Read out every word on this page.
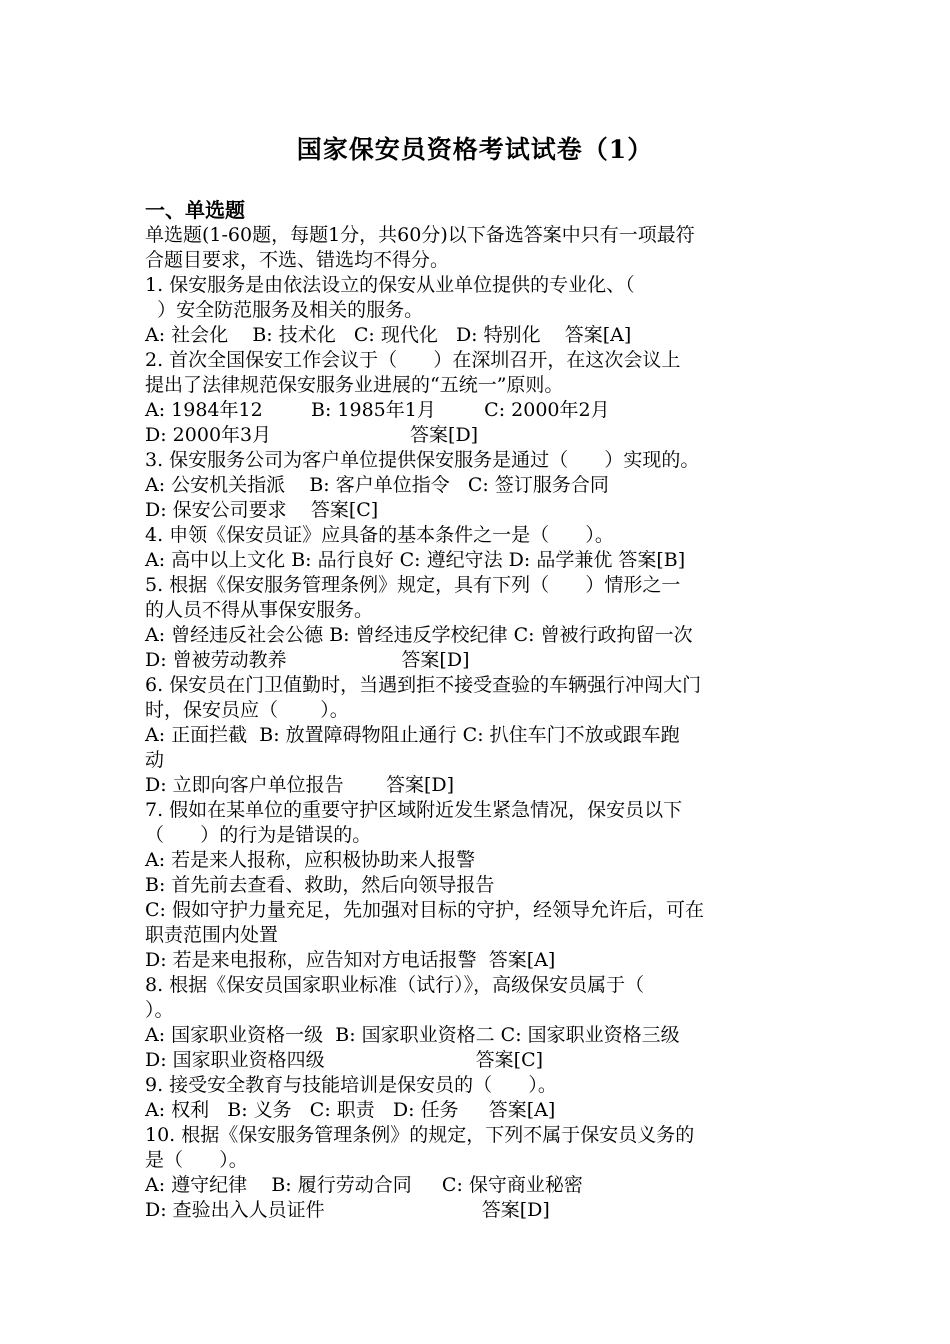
国家保安员资格考试试卷（1）
一、单选题
单选题(1-60题，每题1分，共60分)以下备选答案中只有一项最符
合题目要求，不选、错选均不得分。
1. 保安服务是由依法设立的保安从业单位提供的专业化、（
）安全防范服务及相关的服务。
A: 社会化    B: 技术化   C: 现代化   D: 特别化    答案[A]
2. 首次全国保安工作会议于（      ）在深圳召开，在这次会议上
提出了法律规范保安服务业进展的“五统一”原则。
A: 1984年12        B: 1985年1月        C: 2000年2月
D: 2000年3月                       答案[D]
3. 保安服务公司为客户单位提供保安服务是通过（      ）实现的。
A: 公安机关指派    B: 客户单位指令   C: 签订服务合同
D: 保安公司要求    答案[C]
4. 申领《保安员证》应具备的基本条件之一是（      ）。
A: 高中以上文化 B: 品行良好 C: 遵纪守法 D: 品学兼优 答案[B]
5. 根据《保安服务管理条例》规定，具有下列（      ）情形之一
的人员不得从事保安服务。
A: 曾经违反社会公德 B: 曾经违反学校纪律 C: 曾被行政拘留一次
D: 曾被劳动教养                   答案[D]
6. 保安员在门卫值勤时，当遇到拒不接受查验的车辆强行冲闯大门
时，保安员应（       ）。
A: 正面拦截  B: 放置障碍物阻止通行 C: 扒住车门不放或跟车跑
动
D: 立即向客户单位报告       答案[D]
7. 假如在某单位的重要守护区域附近发生紧急情况，保安员以下
（      ）的行为是错误的。
A: 若是来人报称，应积极协助来人报警
B: 首先前去查看、救助，然后向领导报告
C: 假如守护力量充足，先加强对目标的守护，经领导允许后，可在
职责范围内处置
D: 若是来电报称，应告知对方电话报警  答案[A]
8. 根据《保安员国家职业标准（试行）》，高级保安员属于（
）。
A: 国家职业资格一级  B: 国家职业资格二 C: 国家职业资格三级
D: 国家职业资格四级                         答案[C]
9. 接受安全教育与技能培训是保安员的（      ）。
A: 权利   B: 义务   C: 职责   D: 任务     答案[A]
10. 根据《保安服务管理条例》的规定，下列不属于保安员义务的
是（      ）。
A: 遵守纪律    B: 履行劳动合同     C: 保守商业秘密
D: 查验出入人员证件                          答案[D]
